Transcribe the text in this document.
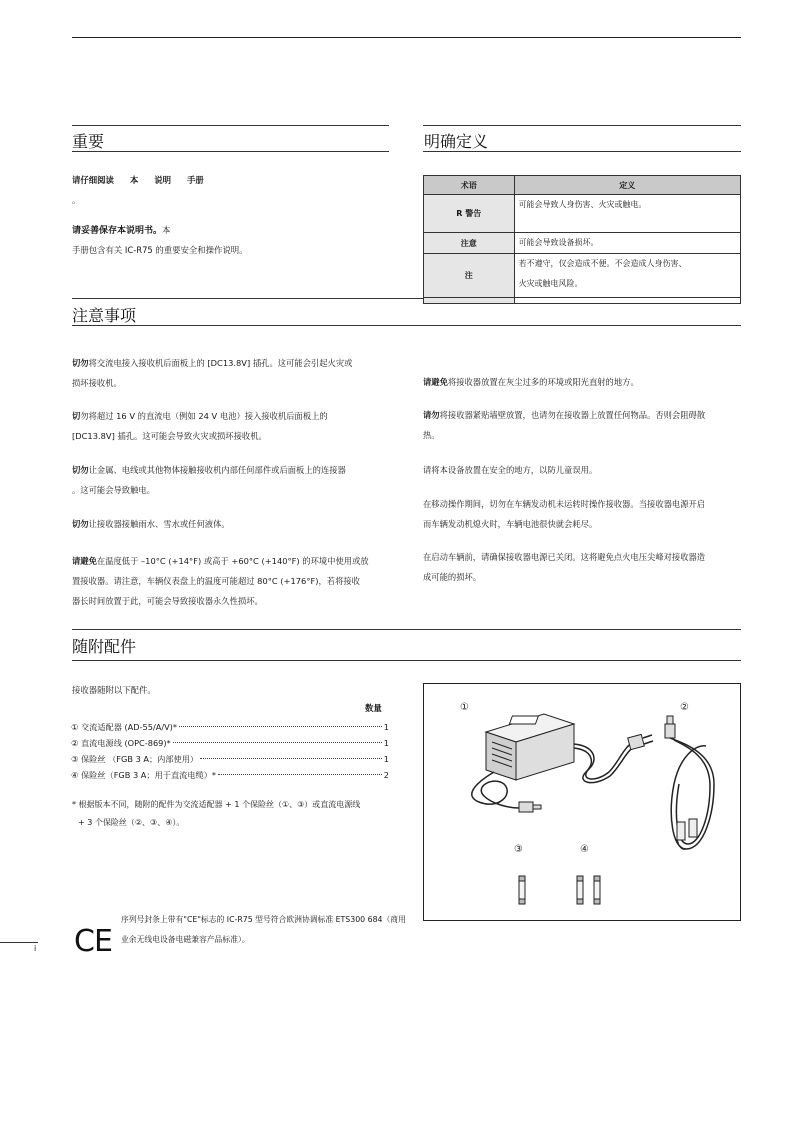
重要
请仔细阅读 本 说明 手册
。
请妥善保存本说明书。本
手册包含有关 IC-R75 的重要安全和操作说明。
明确定义
术语	定义
R 警告	可能会导致人身伤害、火灾或触电。
注意	可能会导致设备损坏。
注	若不遵守，仅会造成不便。不会造成人身伤害、
火灾或触电风险。

注意事项
切勿将交流电接入接收机后面板上的 [DC13.8V] 插孔。这可能会引起火灾或
损坏接收机。
切勿将超过 16 V 的直流电（例如 24 V 电池）接入接收机后面板上的
[DC13.8V] 插孔。这可能会导致火灾或损坏接收机。
切勿让金属、电线或其他物体接触接收机内部任何部件或后面板上的连接器
。这可能会导致触电。
切勿让接收器接触雨水、雪水或任何液体。
请避免在温度低于 –10°C (+14°F) 或高于 +60°C (+140°F) 的环境中使用或放
置接收器。请注意，车辆仪表盘上的温度可能超过 80°C (+176°F)，若将接收
器长时间放置于此，可能会导致接收器永久性损坏。
请避免将接收器放置在灰尘过多的环境或阳光直射的地方。
请勿将接收器紧贴墙壁放置，也请勿在接收器上放置任何物品。否则会阻碍散
热。
请将本设备放置在安全的地方，以防儿童误用。
在移动操作期间，切勿在车辆发动机未运转时操作接收器。当接收器电源开启
而车辆发动机熄火时，车辆电池很快就会耗尽。
在启动车辆前，请确保接收器电源已关闭。这将避免点火电压尖峰对接收器造
成可能的损坏。
随附配件
接收器随附以下配件。
数量
① 交流适配器 (AD-55/A/V)*	1
② 直流电源线 (OPC-869)*	1
③ 保险丝 （FGB 3 A；内部使用）	1
④ 保险丝（FGB 3 A；用于直流电缆）*	2
* 根据版本不同，随附的配件为交流适配器 + 1 个保险丝（①、③）或直流电源线
+ 3 个保险丝（②、③、④）。
①	②
③	④
CE
序列号封条上带有"CE"标志的 IC-R75 型号符合欧洲协调标准 ETS300 684（商用
业余无线电设备电磁兼容产品标准）。
i
